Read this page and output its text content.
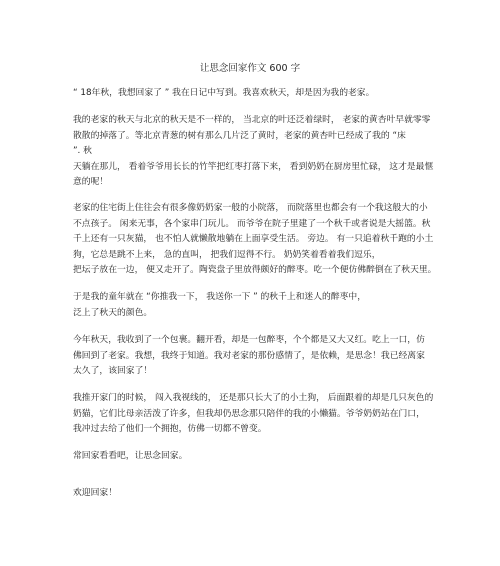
让思念回家作文 600 字

“ 18年秋，我想回家了 ” 我在日记中写到。我喜欢秋天，却是因为我的老家。

我的老家的秋天与北京的秋天是不一样的， 当北京的叶还泛着绿时， 老家的黄杏叶早就零零
散散的掉落了。等北京青葱的树有那么几片泛了黄时，老家的黄杏叶已经成了我的 “床
”. 秋
天躺在那儿， 看着爷爷用长长的竹竿把红枣打落下来， 看到奶奶在厨房里忙碌， 这才是最惬
意的呢！

老家的住宅街上住往会有很多像奶奶家一般的小院落， 而院落里也都会有一个我这般大的小
不点孩子。 闲来无事，各个家串门玩儿。 而爷爷在院子里建了一个秋千或者说是大摇篮。秋
千上还有一只灰猫， 也不怕人就懒散地躺在上面享受生活。 旁边。 有一只追着秋千跑的小土
狗，它总是跳不上来， 急的直叫， 把我们逗得不行。 奶奶笑着看着我们逗乐，
把坛子放在一边， 便又走开了。陶瓷盘子里放得颇好的醉枣。吃一个便仿佛醉倒在了秋天里。

于是我的童年就在 “你推我一下， 我送你一下 ” 的秋千上和迷人的醉枣中，
泛上了秋天的颜色。

今年秋天，我收到了一个包裹。翻开看，却是一包醉枣，个个都是又大又红。吃上一口，仿
佛回到了老家。我想，我终于知道。我对老家的那份感情了，是依赖，是思念！我已经离家
太久了，该回家了！

我推开家门的时候， 闯入我视线的， 还是那只长大了的小土狗， 后面跟着的却是几只灰色的
奶猫，它们比母亲活泼了许多，但我却仍思念那只陪伴的我的小懒猫。爷爷奶奶站在门口，
我冲过去给了他们一个拥抱，仿佛一切都不曾变。

常回家看看吧，让思念回家。

欢迎回家！
